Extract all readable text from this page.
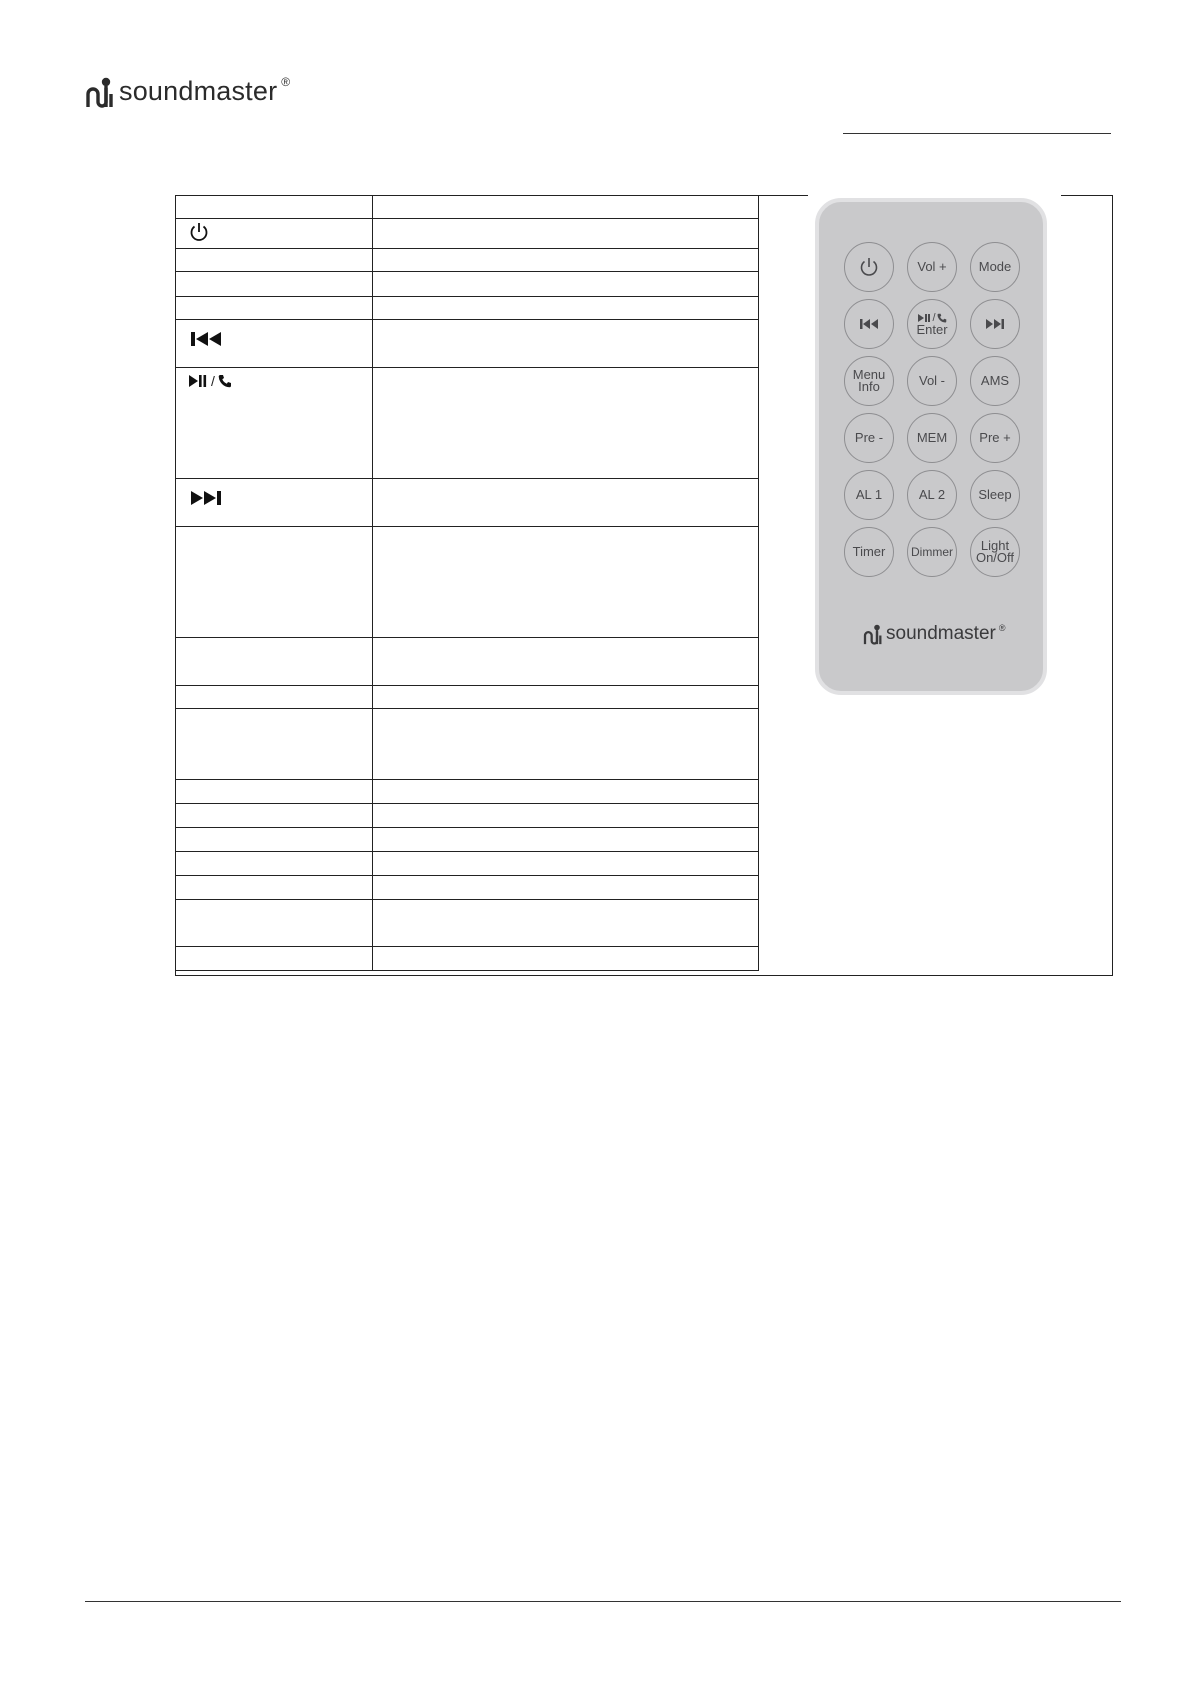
soundmaster ®

/	

Vol + Mode
/
Enter
Menu
Info	Vol -	AMS
Pre -	MEM Pre +
AL 1	AL 2	Sleep
Timer Dimmer Light
On/Off
soundmaster ®
